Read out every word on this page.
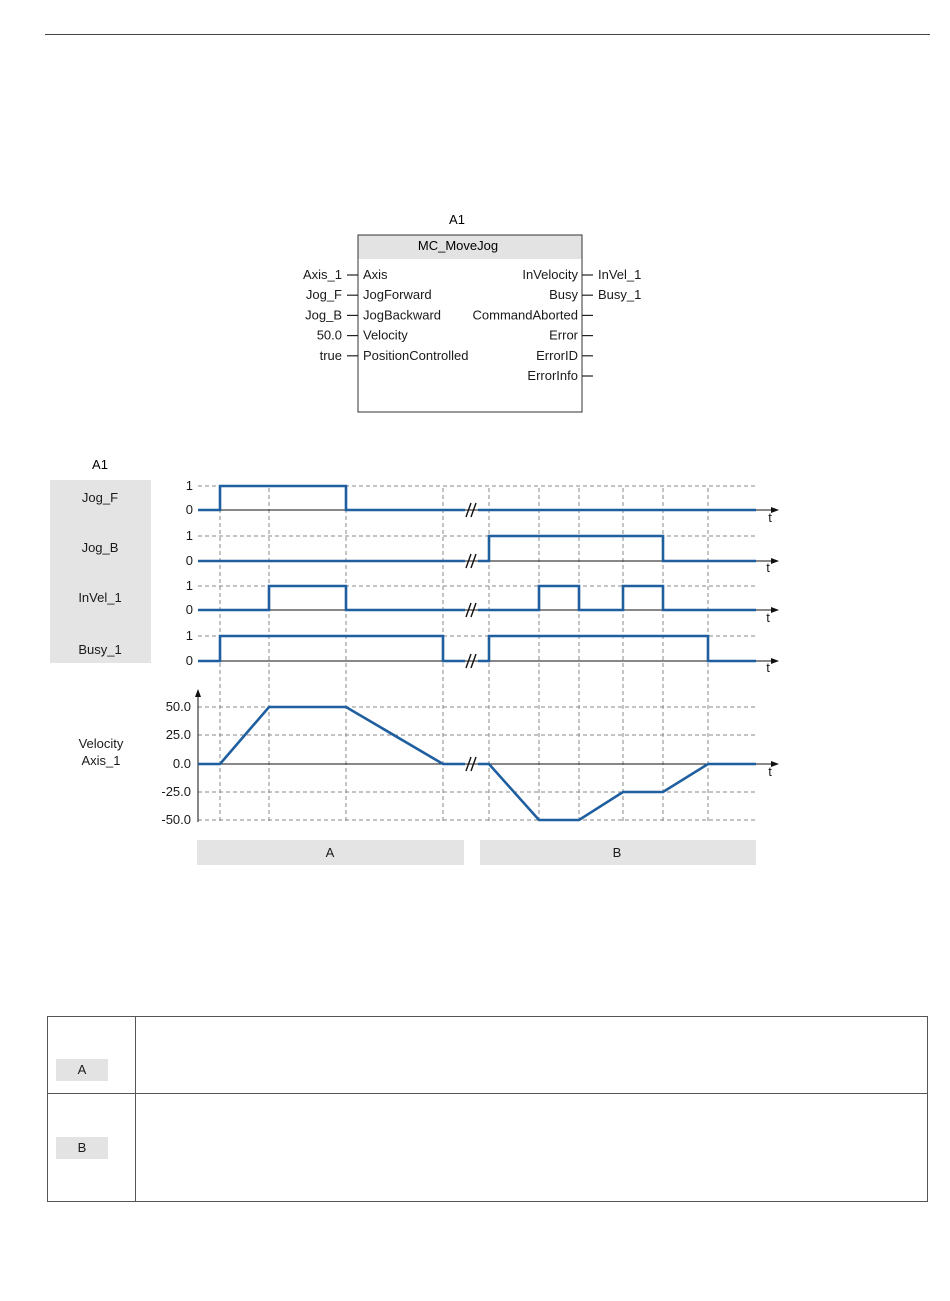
A1
MC_MoveJog
Axis_1 Axis
Jog_F JogForward
Jog_B JogBackward
50.0 Velocity
true PositionControlled
InVelocity InVel_1
Busy Busy_1
CommandAborted
Error
ErrorID
ErrorInfo
A1
Jog_F
1
0
t
Jog_B
1
0	t
InVel_1
1
0
t
Busy_1
1
0	t
Velocity
Axis_1
50.0
25.0
0.0
-25.0
-50.0
t
A	B
A	

B	
